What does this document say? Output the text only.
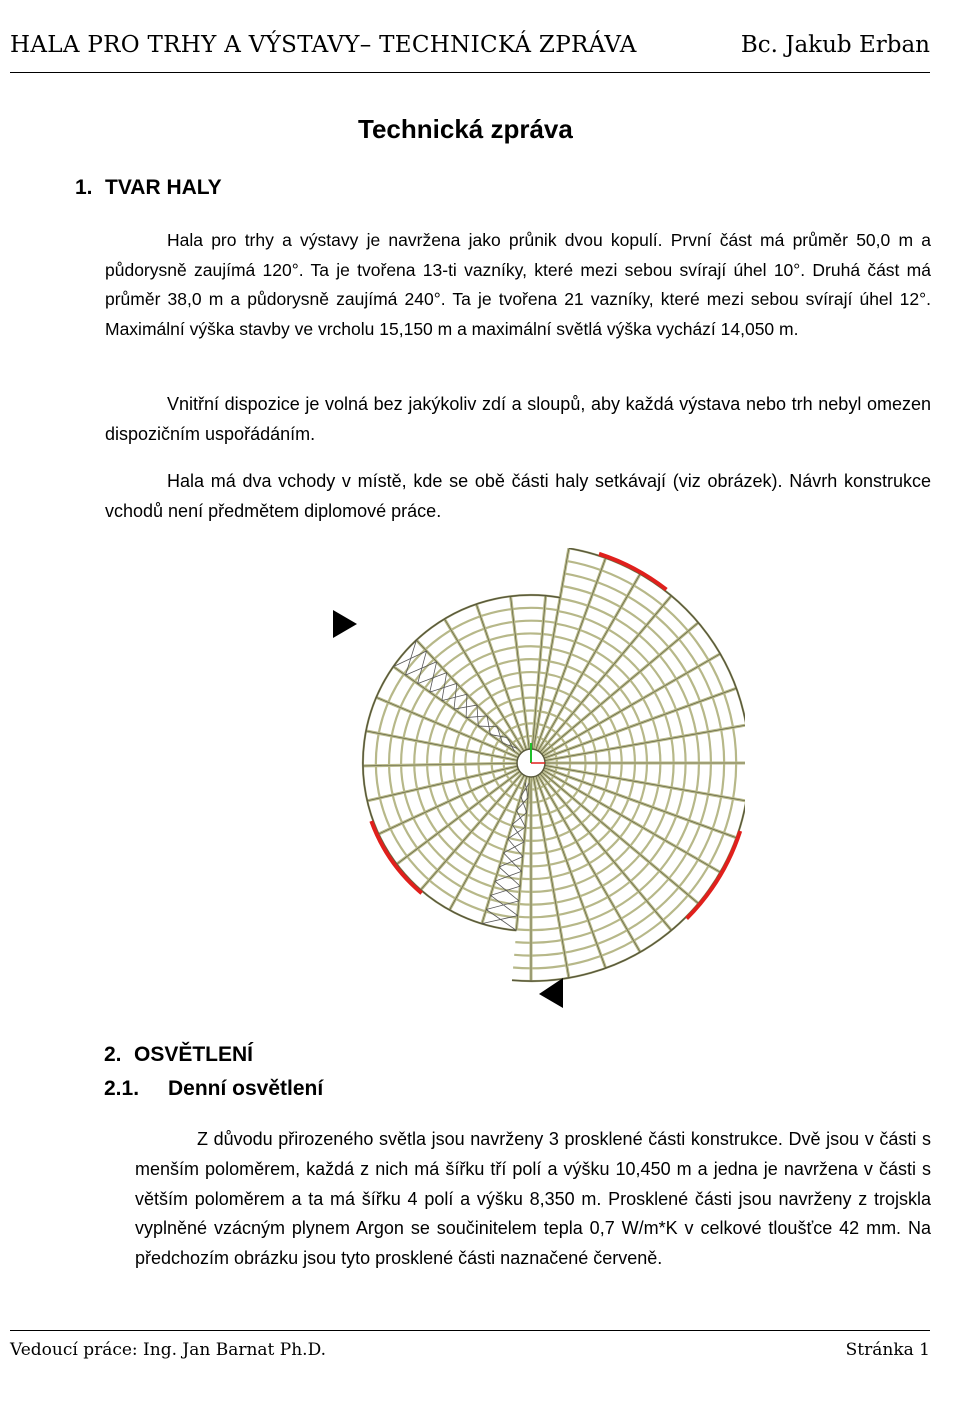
HALA PRO TRHY A VÝSTAVY– TECHNICKÁ ZPRÁVA	Bc. Jakub Erban
Technická zpráva
1. TVAR HALY

Hala pro trhy a výstavy je navržena jako průnik dvou kopulí. První část má průměr 50,0 m a půdorysně zaujímá 120°. Ta je tvořena 13-ti vazníky, které mezi sebou svírají úhel 10°. Druhá část má průměr 38,0 m a půdorysně zaujímá 240°. Ta je tvořena 21 vazníky, které mezi sebou svírají úhel 12°. Maximální výška stavby ve vrcholu 15,150 m a maximální světlá výška vychází 14,050 m.

Vnitřní dispozice je volná bez jakýkoliv zdí a sloupů, aby každá výstava nebo trh nebyl omezen dispozičním uspořádáním.

Hala má dva vchody v místě, kde se obě části haly setkávají (viz obrázek). Návrh konstrukce vchodů není předmětem diplomové práce.

2. OSVĚTLENÍ
2.1. Denní osvětlení

Z důvodu přirozeného světla jsou navrženy 3 prosklené části konstrukce. Dvě jsou v části s menším poloměrem, každá z nich má šířku tří polí a výšku 10,450 m a jedna je navržena v části s větším poloměrem a ta má šířku 4 polí a výšku 8,350 m. Prosklené části jsou navrženy z trojskla vyplněné vzácným plynem Argon se součinitelem tepla 0,7 W/m*K v celkové tloušťce 42 mm. Na předchozím obrázku jsou tyto prosklené části naznačené červeně.

Vedoucí práce: Ing. Jan Barnat Ph.D.	Stránka 1
